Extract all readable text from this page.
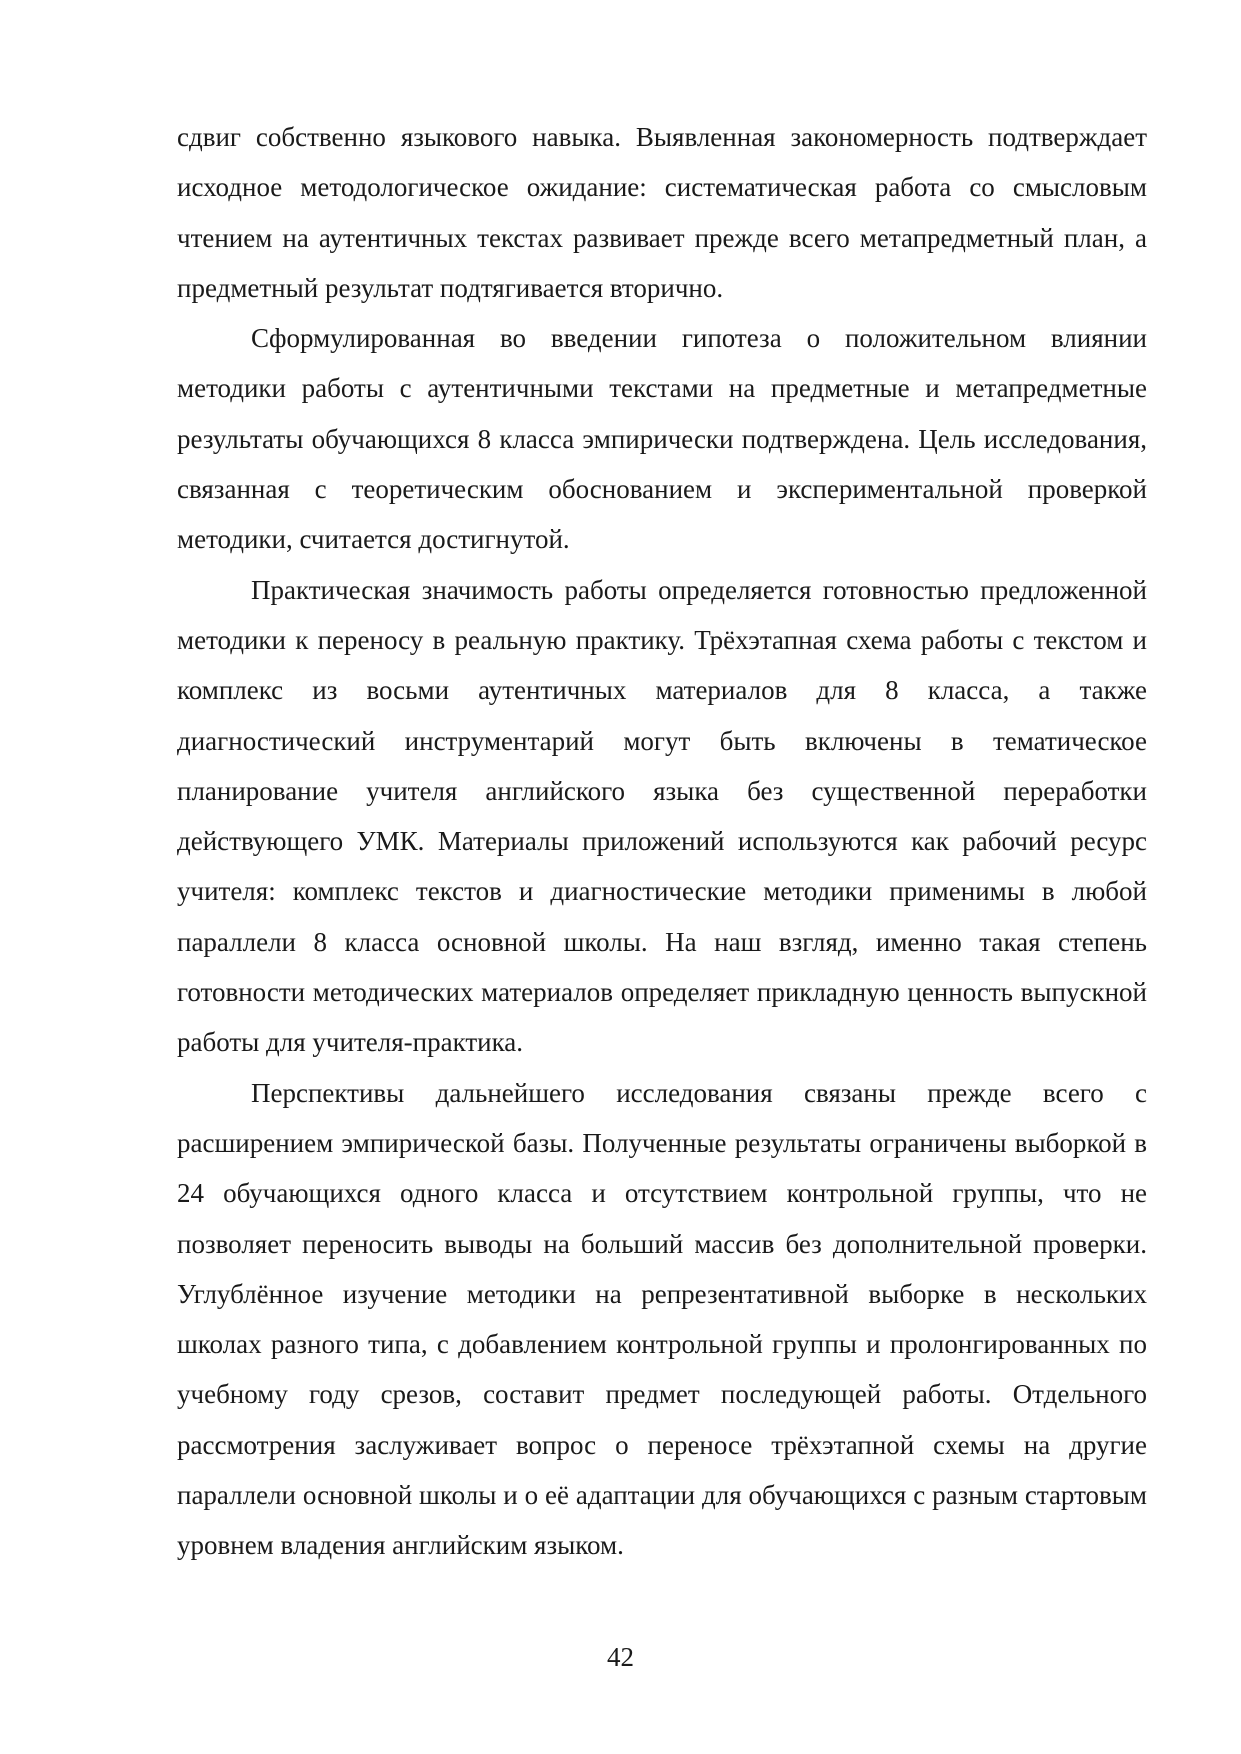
сдвиг собственно языкового навыка. Выявленная закономерность подтверждает исходное методологическое ожидание: систематическая работа со смысловым чтением на аутентичных текстах развивает прежде всего метапредметный план, а предметный результат подтягивается вторично.

Сформулированная во введении гипотеза о положительном влиянии методики работы с аутентичными текстами на предметные и метапредметные результаты обучающихся 8 класса эмпирически подтверждена. Цель исследования, связанная с теоретическим обоснованием и экспериментальной проверкой методики, считается достигнутой.

Практическая значимость работы определяется готовностью предложенной методики к переносу в реальную практику. Трёхэтапная схема работы с текстом и комплекс из восьми аутентичных материалов для 8 класса, а также диагностический инструментарий могут быть включены в тематическое планирование учителя английского языка без существенной переработки действующего УМК. Материалы приложений используются как рабочий ресурс учителя: комплекс текстов и диагностические методики применимы в любой параллели 8 класса основной школы. На наш взгляд, именно такая степень готовности методических материалов определяет прикладную ценность выпускной работы для учителя-практика.

Перспективы дальнейшего исследования связаны прежде всего с расширением эмпирической базы. Полученные результаты ограничены выборкой в 24 обучающихся одного класса и отсутствием контрольной группы, что не позволяет переносить выводы на больший массив без дополнительной проверки. Углублённое изучение методики на репрезентативной выборке в нескольких школах разного типа, с добавлением контрольной группы и пролонгированных по учебному году срезов, составит предмет последующей работы. Отдельного рассмотрения заслуживает вопрос о переносе трёхэтапной схемы на другие параллели основной школы и о её адаптации для обучающихся с разным стартовым уровнем владения английским языком.

42
